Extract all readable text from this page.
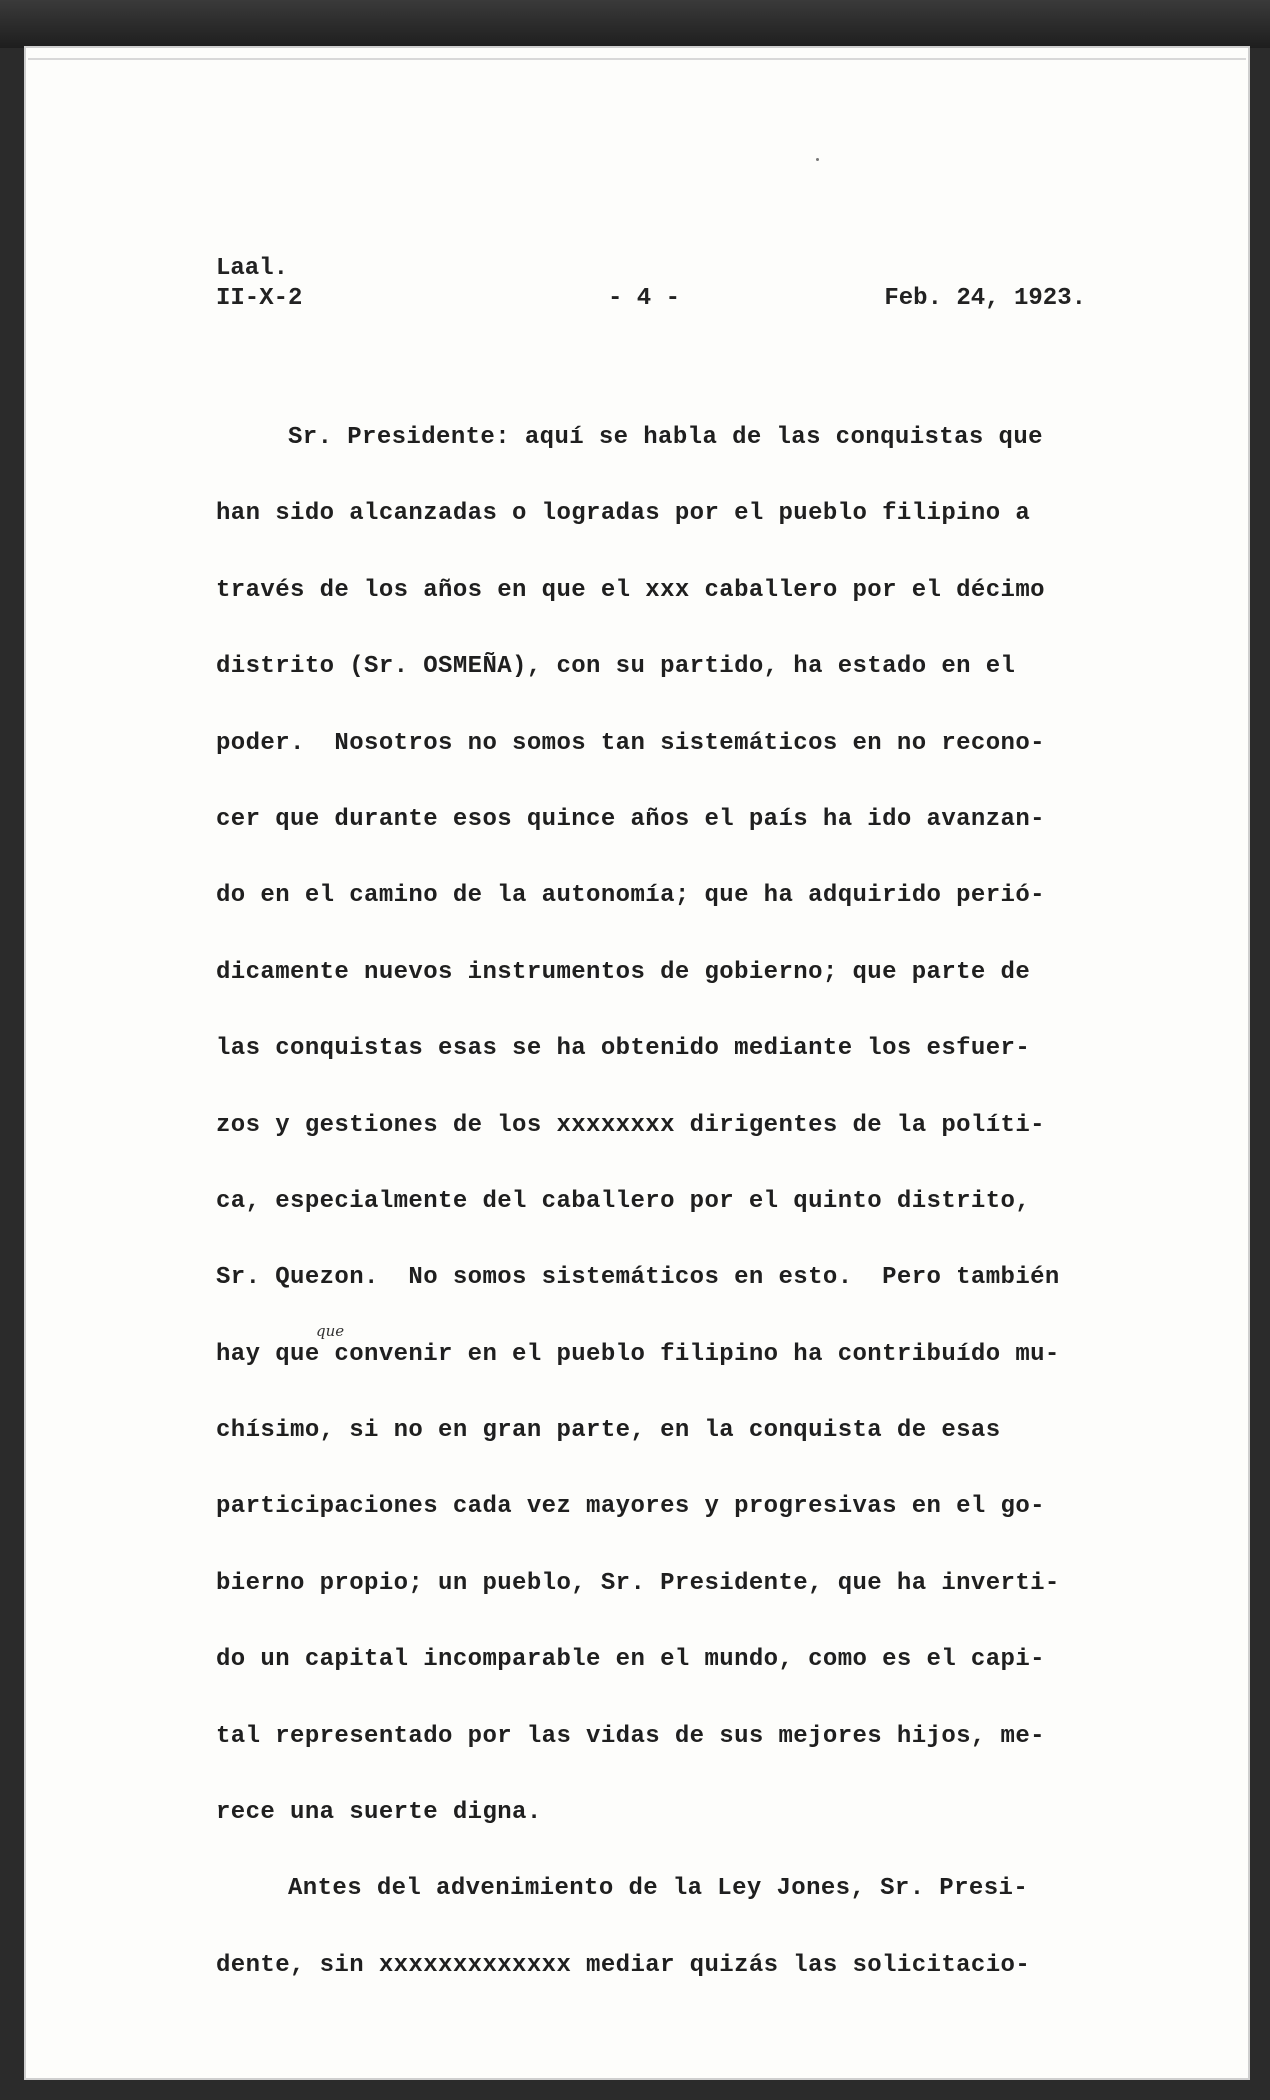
Laal.
II-X-2	- 4 -	Feb. 24, 1923.
Sr. Presidente: aquí se habla de las conquistas que
han sido alcanzadas o logradas por el pueblo filipino a
través de los años en que el xxx caballero por el décimo
distrito (Sr. OSMEÑA), con su partido, ha estado en el
poder.  Nosotros no somos tan sistemáticos en no recono-
cer que durante esos quince años el país ha ido avanzan-
do en el camino de la autonomía; que ha adquirido perió-
dicamente nuevos instrumentos de gobierno; que parte de
las conquistas esas se ha obtenido mediante los esfuer-
zos y gestiones de los xxxxxxxx dirigentes de la políti-
ca, especialmente del caballero por el quinto distrito,
Sr. Quezon.  No somos sistemáticos en esto.  Pero también
hay que convenir en el pueblo filipino ha contribuído mu-
chísimo, si no en gran parte, en la conquista de esas
participaciones cada vez mayores y progresivas en el go-
bierno propio; un pueblo, Sr. Presidente, que ha inverti-
do un capital incomparable en el mundo, como es el capi-
tal representado por las vidas de sus mejores hijos, me-
rece una suerte digna.
Antes del advenimiento de la Ley Jones, Sr. Presi-
dente, sin xxxxxxxxxxxxx mediar quizás las solicitacio-
que
